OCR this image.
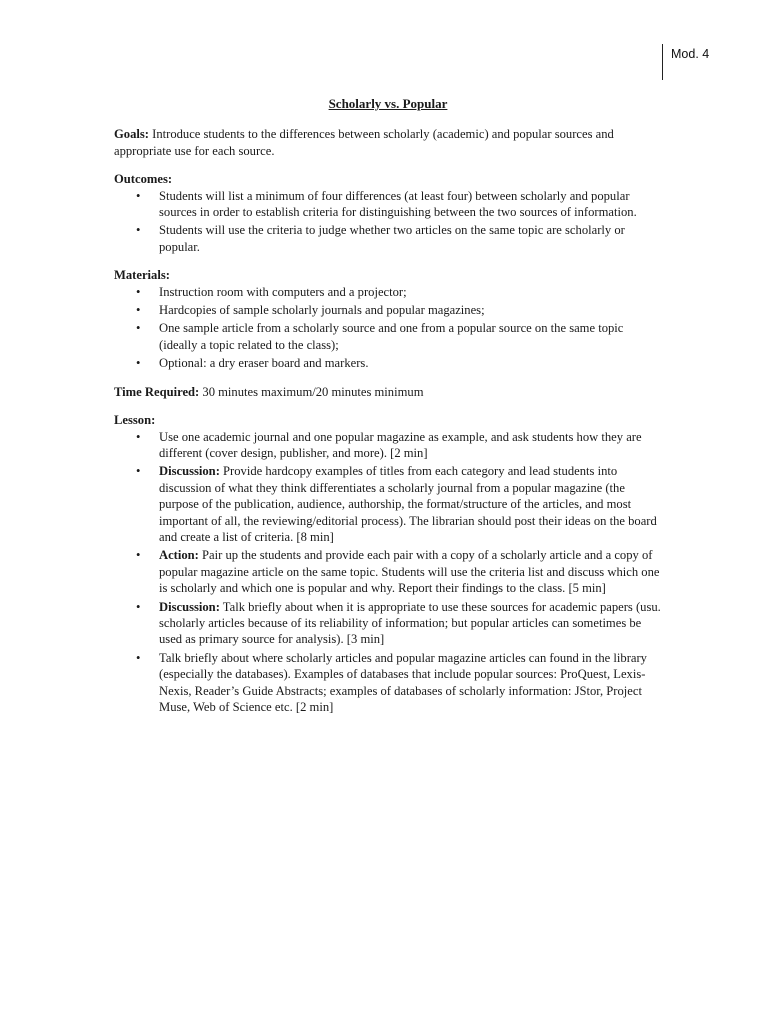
Mod. 4
Scholarly vs. Popular

Goals: Introduce students to the differences between scholarly (academic) and popular sources and appropriate use for each source.

Outcomes:
• Students will list a minimum of four differences (at least four) between scholarly and popular sources in order to establish criteria for distinguishing between the two sources of information.
• Students will use the criteria to judge whether two articles on the same topic are scholarly or popular.
Materials:
• Instruction room with computers and a projector;
• Hardcopies of sample scholarly journals and popular magazines;
• One sample article from a scholarly source and one from a popular source on the same topic (ideally a topic related to the class);
• Optional: a dry eraser board and markers.

Time Required: 30 minutes maximum/20 minutes minimum

Lesson:
• Use one academic journal and one popular magazine as example, and ask students how they are different (cover design, publisher, and more). [2 min]
• Discussion: Provide hardcopy examples of titles from each category and lead students into discussion of what they think differentiates a scholarly journal from a popular magazine (the purpose of the publication, audience, authorship, the format/structure of the articles, and most important of all, the reviewing/editorial process). The librarian should post their ideas on the board and create a list of criteria. [8 min]
• Action: Pair up the students and provide each pair with a copy of a scholarly article and a copy of popular magazine article on the same topic. Students will use the criteria list and discuss which one is scholarly and which one is popular and why. Report their findings to the class. [5 min]
• Discussion: Talk briefly about when it is appropriate to use these sources for academic papers (usu. scholarly articles because of its reliability of information; but popular articles can sometimes be used as primary source for analysis). [3 min]
• Talk briefly about where scholarly articles and popular magazine articles can found in the library (especially the databases). Examples of databases that include popular sources: ProQuest, Lexis-Nexis, Reader’s Guide Abstracts; examples of databases of scholarly information: JStor, Project Muse, Web of Science etc. [2 min]
